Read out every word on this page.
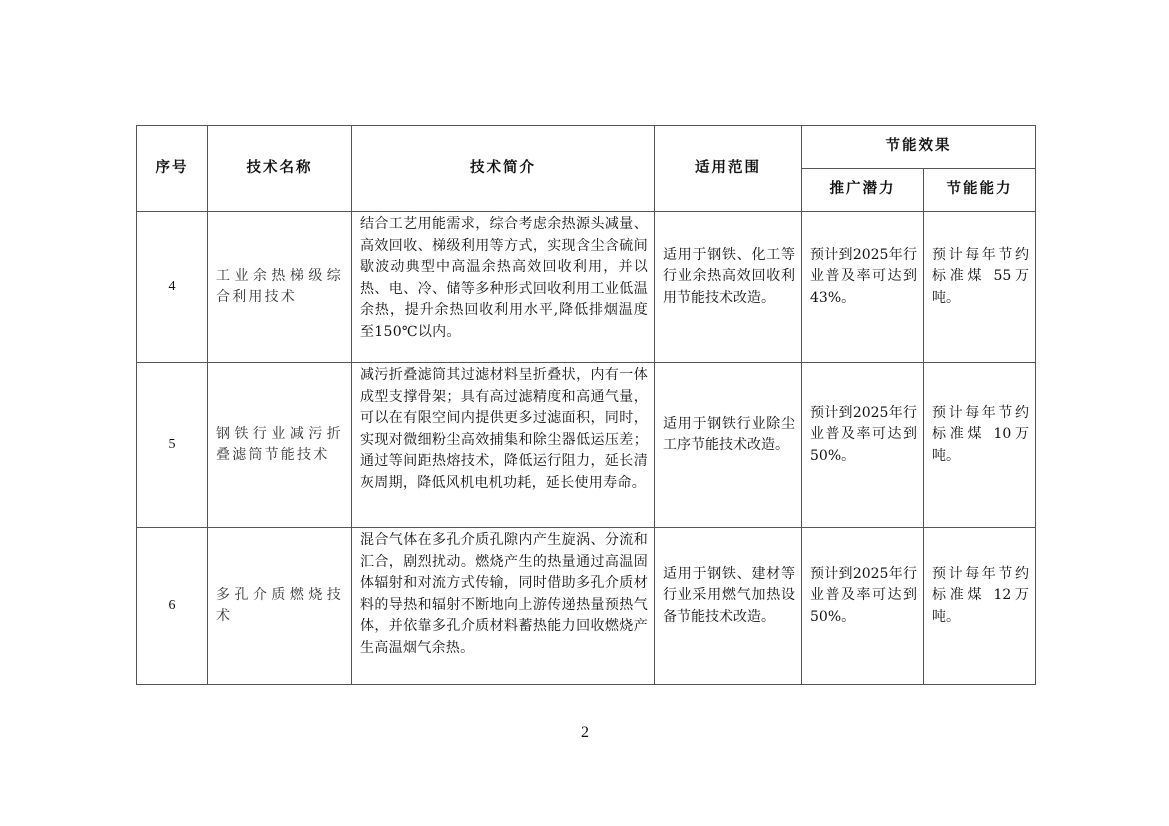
序号	技术名称	技术简介	适用范围	节能效果	
				推广潜力	节能能力
4	工业余热梯级综合利用技术	结合工艺用能需求，综合考虑余热源头减量、高效回收、梯级利用等方式，实现含尘含硫间歇波动典型中高温余热高效回收利用，并以热、电、冷、储等多种形式回收利用工业低温余热，提升余热回收利用水平,降低排烟温度至150℃以内。	适用于钢铁、化工等行业余热高效回收利用节能技术改造。	预计到2025年行业普及率可达到43%。	预计每年节约标准煤 55万吨。

5	钢铁行业减污折叠滤筒节能技术	减污折叠滤筒其过滤材料呈折叠状，内有一体成型支撑骨架；具有高过滤精度和高通气量，可以在有限空间内提供更多过滤面积，同时，实现对微细粉尘高效捕集和除尘器低运压差；通过等间距热熔技术，降低运行阻力，延长清灰周期，降低风机电机功耗，延长使用寿命。	适用于钢铁行业除尘工序节能技术改造。	预计到2025年行业普及率可达到50%。	预计每年节约标准煤 10万吨。

6	多孔介质燃烧技术	混合气体在多孔介质孔隙内产生旋涡、分流和汇合，剧烈扰动。燃烧产生的热量通过高温固体辐射和对流方式传输，同时借助多孔介质材料的导热和辐射不断地向上游传递热量预热气体，并依靠多孔介质材料蓄热能力回收燃烧产生高温烟气余热。	适用于钢铁、建材等行业采用燃气加热设备节能技术改造。	预计到2025年行业普及率可达到50%。	预计每年节约标准煤 12万吨。
2
